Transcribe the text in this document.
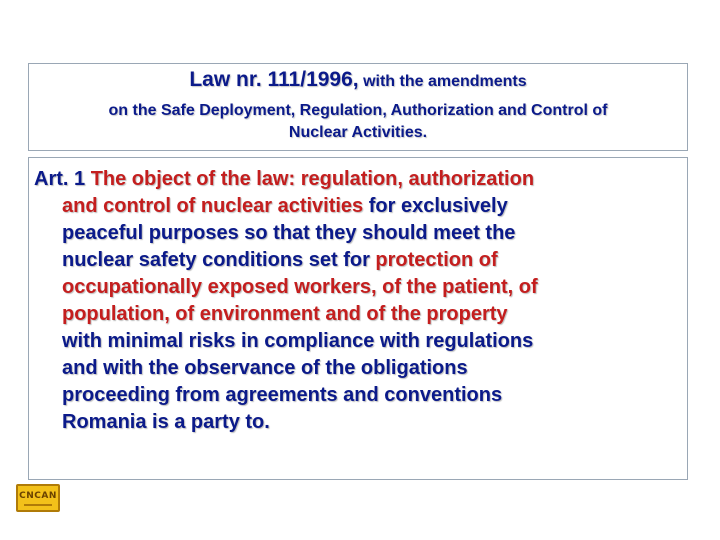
Law nr. 111/1996, with the amendments
on the Safe Deployment, Regulation, Authorization and Control of
Nuclear Activities.
Art. 1 The object of the law: regulation, authorization
and control of nuclear activities for exclusively
peaceful purposes so that they should meet the
nuclear safety conditions set for protection of
occupationally exposed workers, of the patient, of
population, of environment and of the property
with minimal risks in compliance with regulations
and with the observance of the obligations
proceeding from agreements and conventions
Romania is a party to.
CNCAN
